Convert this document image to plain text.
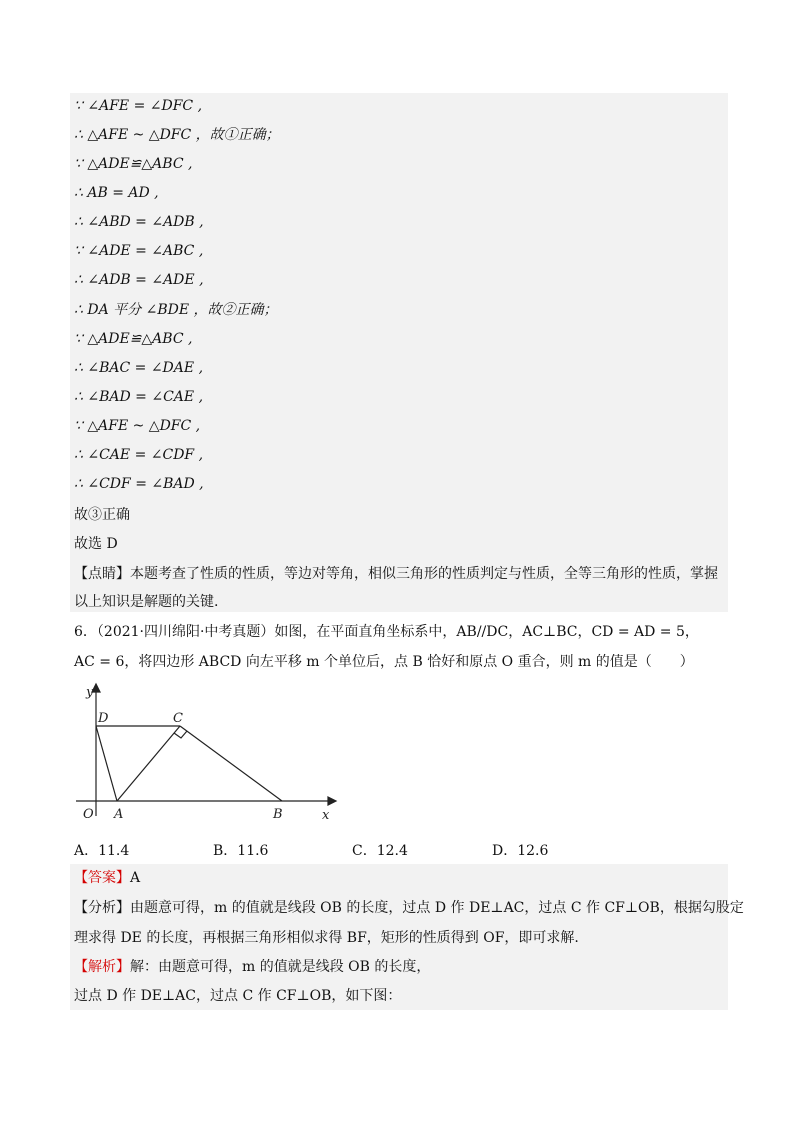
∵ ∠AFE = ∠DFC ,
∴ △AFE ~ △DFC ，故①正确；
∵ △ADE≌△ABC ,
∴ AB = AD ,
∴ ∠ABD = ∠ADB ,
∵ ∠ADE = ∠ABC ,
∴ ∠ADB = ∠ADE ,
∴ DA 平分 ∠BDE ，故②正确；
∵ △ADE≌△ABC ,
∴ ∠BAC = ∠DAE ,
∴ ∠BAD = ∠CAE ,
∵ △AFE ~ △DFC ,
∴ ∠CAE = ∠CDF ,
∴ ∠CDF = ∠BAD ,
故③正确
故选 D
【点睛】本题考查了性质的性质，等边对等角，相似三角形的性质判定与性质，全等三角形的性质，掌握
以上知识是解题的关键.
6．（2021·四川绵阳·中考真题）如图，在平面直角坐标系中，AB//DC，AC⊥BC，CD = AD = 5，
AC = 6，将四边形 ABCD 向左平移 m 个单位后，点 B 恰好和原点 O 重合，则 m 的值是（　　）
y
D	C
O A	B	x
A．11.4	B．11.6	C．12.4	D．12.6
【答案】A
【分析】由题意可得，m 的值就是线段 OB 的长度，过点 D 作 DE⊥AC，过点 C 作 CF⊥OB，根据勾股定
理求得 DE 的长度，再根据三角形相似求得 BF，矩形的性质得到 OF，即可求解.
【解析】解：由题意可得，m 的值就是线段 OB 的长度，
过点 D 作 DE⊥AC，过点 C 作 CF⊥OB，如下图：
